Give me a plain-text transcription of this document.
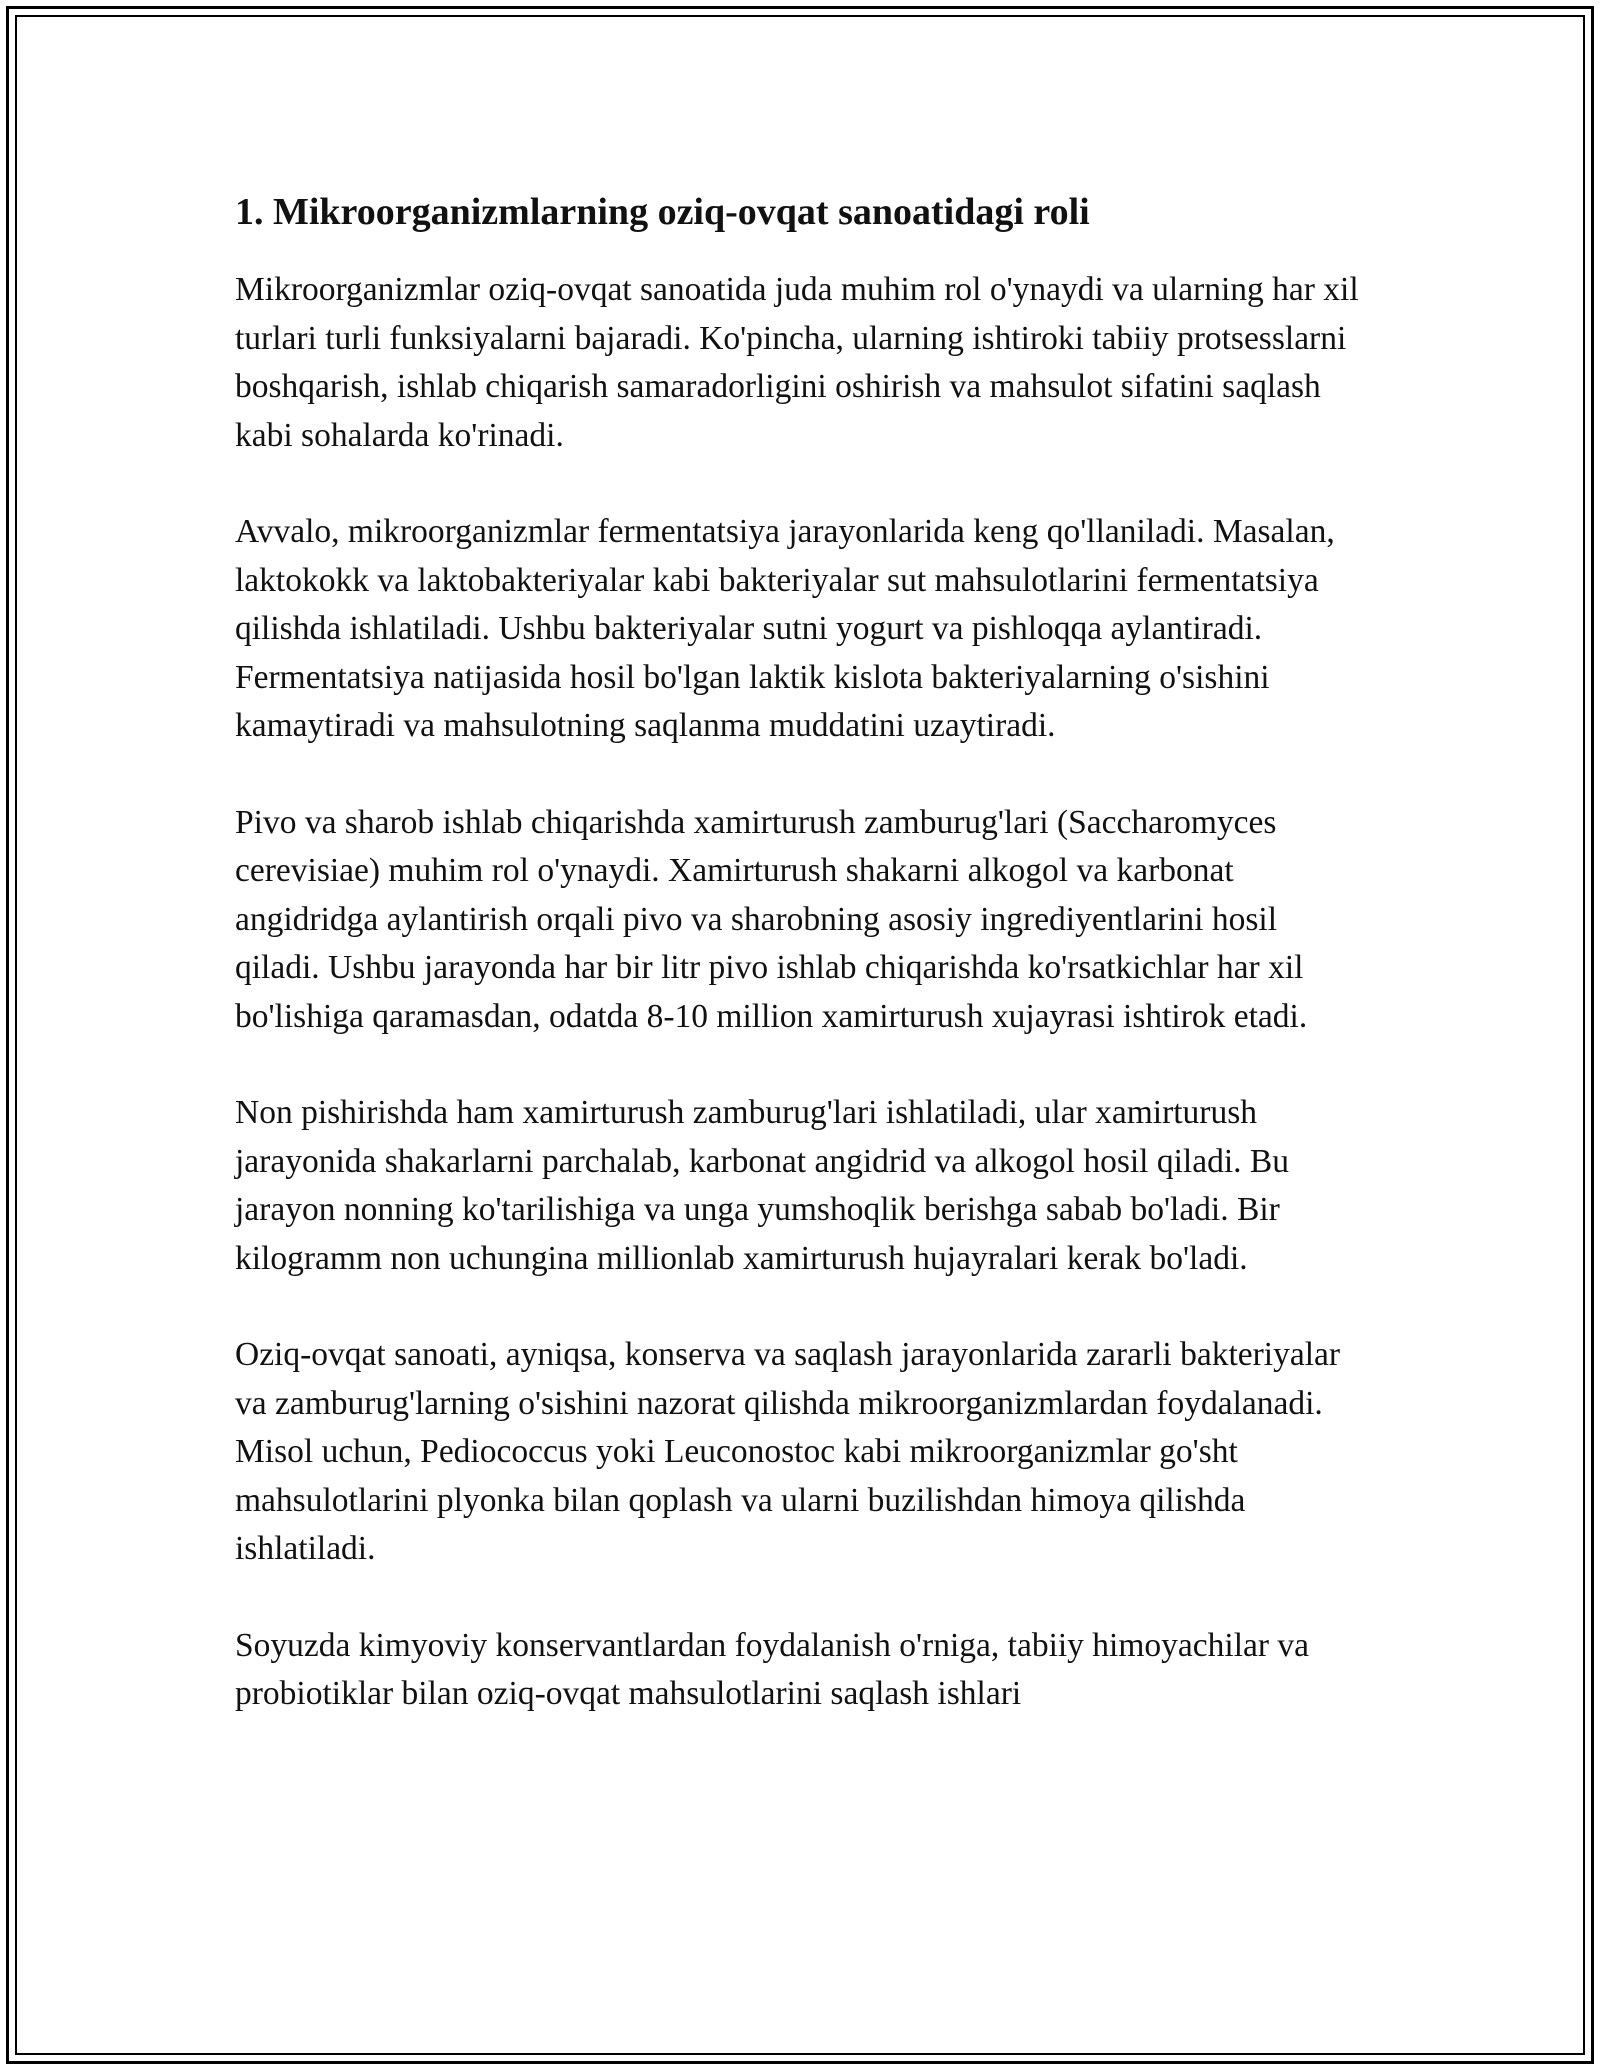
1. Mikroorganizmlarning oziq-ovqat sanoatidagi roli

Mikroorganizmlar oziq-ovqat sanoatida juda muhim rol o'ynaydi va ularning har xil turlari turli funksiyalarni bajaradi. Ko'pincha, ularning ishtiroki tabiiy protsesslarni boshqarish, ishlab chiqarish samaradorligini oshirish va mahsulot sifatini saqlash kabi sohalarda ko'rinadi.

Avvalo, mikroorganizmlar fermentatsiya jarayonlarida keng qo'llaniladi. Masalan, laktokokk va laktobakteriyalar kabi bakteriyalar sut mahsulotlarini fermentatsiya qilishda ishlatiladi. Ushbu bakteriyalar sutni yogurt va pishloqqa aylantiradi. Fermentatsiya natijasida hosil bo'lgan laktik kislota bakteriyalarning o'sishini kamaytiradi va mahsulotning saqlanma muddatini uzaytiradi.

Pivo va sharob ishlab chiqarishda xamirturush zamburug'lari (Saccharomyces cerevisiae) muhim rol o'ynaydi. Xamirturush shakarni alkogol va karbonat angidridga aylantirish orqali pivo va sharobning asosiy ingrediyentlarini hosil qiladi. Ushbu jarayonda har bir litr pivo ishlab chiqarishda ko'rsatkichlar har xil bo'lishiga qaramasdan, odatda 8-10 million xamirturush xujayrasi ishtirok etadi.

Non pishirishda ham xamirturush zamburug'lari ishlatiladi, ular xamirturush jarayonida shakarlarni parchalab, karbonat angidrid va alkogol hosil qiladi. Bu jarayon nonning ko'tarilishiga va unga yumshoqlik berishga sabab bo'ladi. Bir kilogramm non uchungina millionlab xamirturush hujayralari kerak bo'ladi.

Oziq-ovqat sanoati, ayniqsa, konserva va saqlash jarayonlarida zararli bakteriyalar va zamburug'larning o'sishini nazorat qilishda mikroorganizmlardan foydalanadi. Misol uchun, Pediococcus yoki Leuconostoc kabi mikroorganizmlar go'sht mahsulotlarini plyonka bilan qoplash va ularni buzilishdan himoya qilishda ishlatiladi.

Soyuzda kimyoviy konservantlardan foydalanish o'rniga, tabiiy himoyachilar va probiotiklar bilan oziq-ovqat mahsulotlarini saqlash ishlari
